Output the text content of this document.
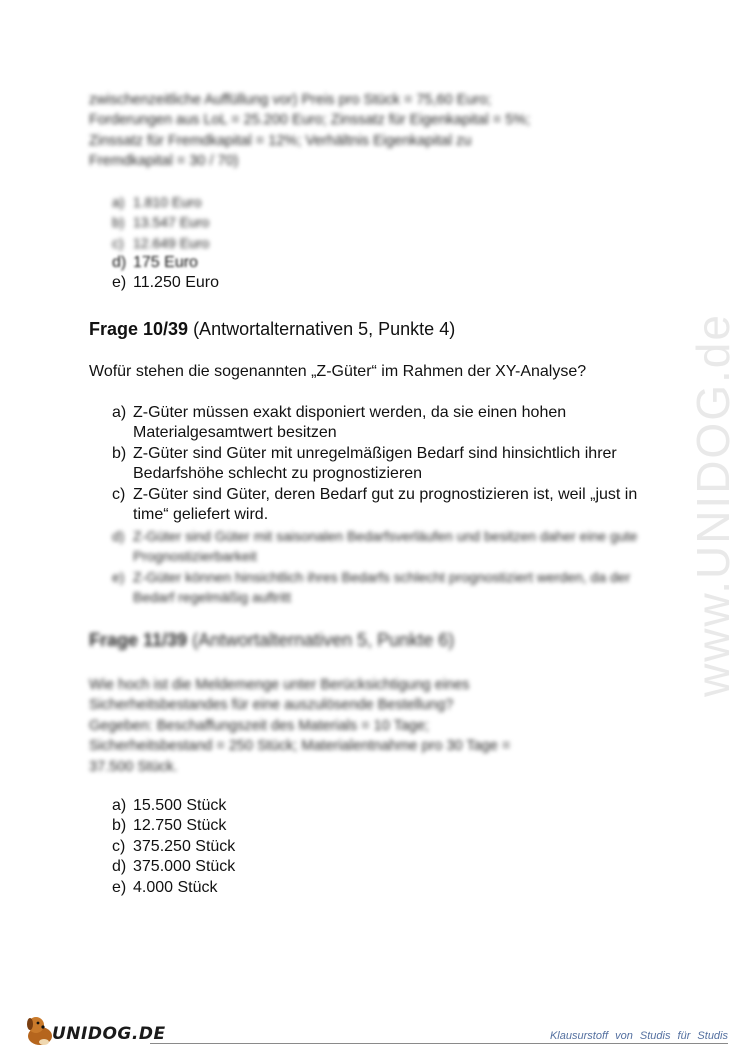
zwischenzeitliche Auffüllung vor) Preis pro Stück = 75,60 Euro;

Forderungen aus LoL = 25.200 Euro; Zinssatz für Eigenkapital = 5%;

Zinssatz für Fremdkapital = 12%; Verhältnis Eigenkapital zu

Fremdkapital = 30 / 70)

a) 1.810 Euro
b) 13.547 Euro
c) 12.649 Euro
d) 175 Euro
e) 11.250 Euro

Frage 10/39 (Antwortalternativen 5, Punkte 4)

Wofür stehen die sogenannten „Z-Güter“ im Rahmen der XY-Analyse?

a) Z-Güter müssen exakt disponiert werden, da sie einen hohen Materialgesamtwert besitzen
b) Z-Güter sind Güter mit unregelmäßigen Bedarf sind hinsichtlich ihrer Bedarfshöhe schlecht zu prognostizieren
c) Z-Güter sind Güter, deren Bedarf gut zu prognostizieren ist, weil „just in time“ geliefert wird.
d) Z-Güter sind Güter mit saisonalen Bedarfsverläufen und besitzen daher eine gute Prognostizierbarkeit
e) Z-Güter können hinsichtlich ihres Bedarfs schlecht prognostiziert werden, da der Bedarf regelmäßig auftritt

Frage 11/39 (Antwortalternativen 5, Punkte 6)

Wie hoch ist die Meldemenge unter Berücksichtigung eines

Sicherheitsbestandes für eine auszulösende Bestellung?

Gegeben: Beschaffungszeit des Materials = 10 Tage;

Sicherheitsbestand = 250 Stück; Materialentnahme pro 30 Tage =

37.500 Stück.

a) 15.500 Stück
b) 12.750 Stück
c) 375.250 Stück
d) 375.000 Stück
e) 4.000 Stück
www.UNIDOG.de
UNIDOG.DE	Klausurstoff von Studis für Studis
